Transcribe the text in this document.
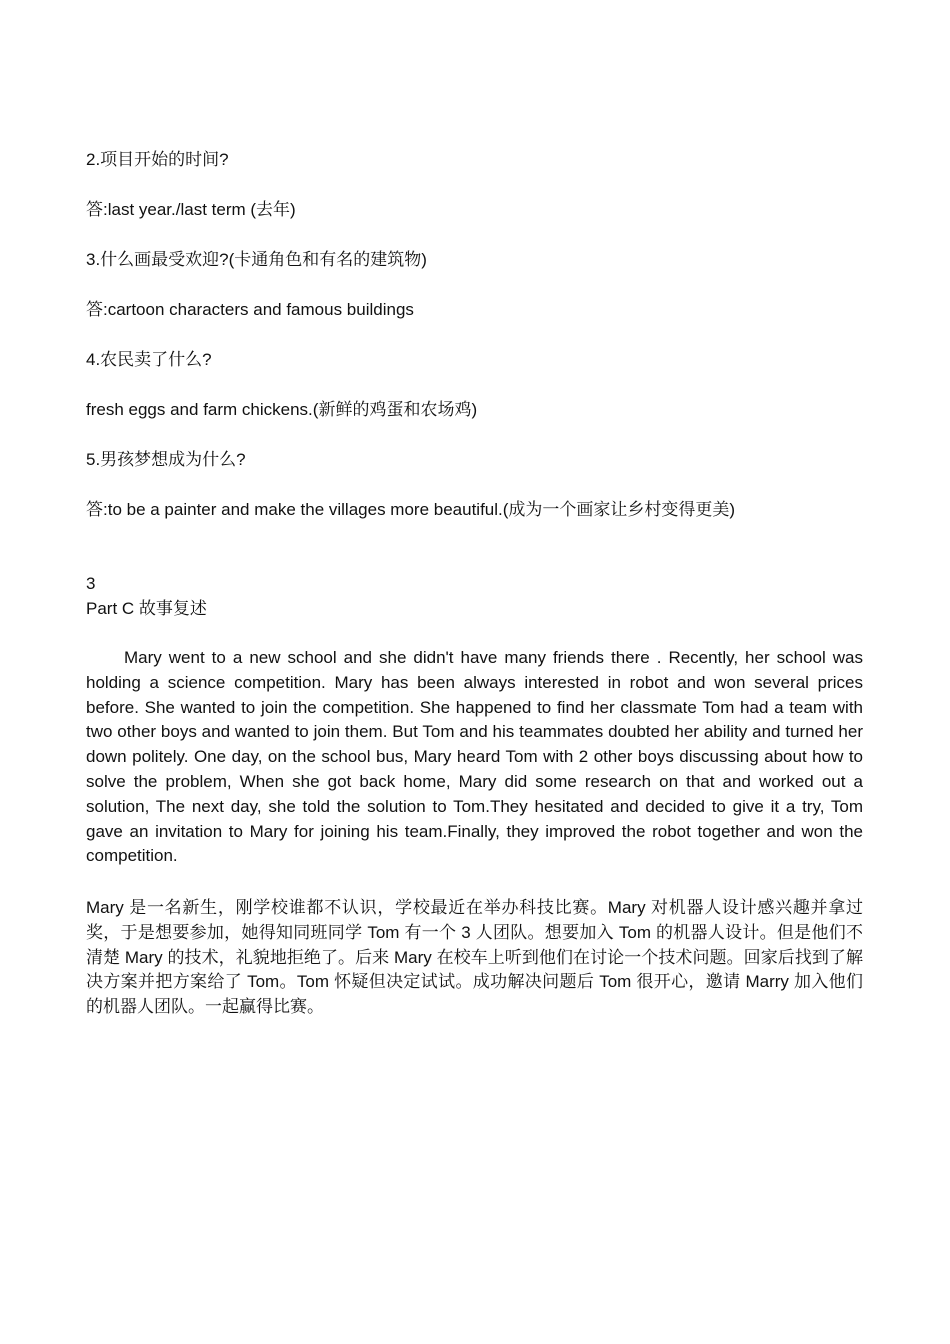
2.项目开始的时间?
答:last year./last term (去年)
3.什么画最受欢迎?(卡通角色和有名的建筑物)
答:cartoon characters and famous buildings
4.农民卖了什么?
fresh eggs and farm chickens.(新鲜的鸡蛋和农场鸡)
5.男孩梦想成为什么?
答:to be a painter and make the villages more beautiful.(成为一个画家让乡村变得更美)
3
Part C 故事复述
Mary went to a new school and she didn't have many friends there . Recently, her school was holding a science competition. Mary has been always interested in robot and won several prices before. She wanted to join the competition. She happened to find her classmate Tom had a team with two other boys and wanted to join them. But Tom and his teammates doubted her ability and turned her down politely. One day, on the school bus, Mary heard Tom with 2 other boys discussing about how to solve the problem, When she got back home, Mary did some research on that and worked out a solution, The next day, she told the solution to Tom.They hesitated and decided to give it a try, Tom gave an invitation to Mary for joining his team.Finally, they improved the robot together and won the competition.
Mary 是一名新生，刚学校谁都不认识，学校最近在举办科技比赛。Mary 对机器人设计感兴趣并拿过奖，于是想要参加，她得知同班同学 Tom 有一个 3 人团队。想要加入 Tom 的机器人设计。但是他们不清楚 Mary 的技术，礼貌地拒绝了。后来 Mary 在校车上听到他们在讨论一个技术问题。回家后找到了解决方案并把方案给了 Tom。Tom 怀疑但决定试试。成功解决问题后 Tom 很开心，邀请 Marry 加入他们的机器人团队。一起赢得比赛。
